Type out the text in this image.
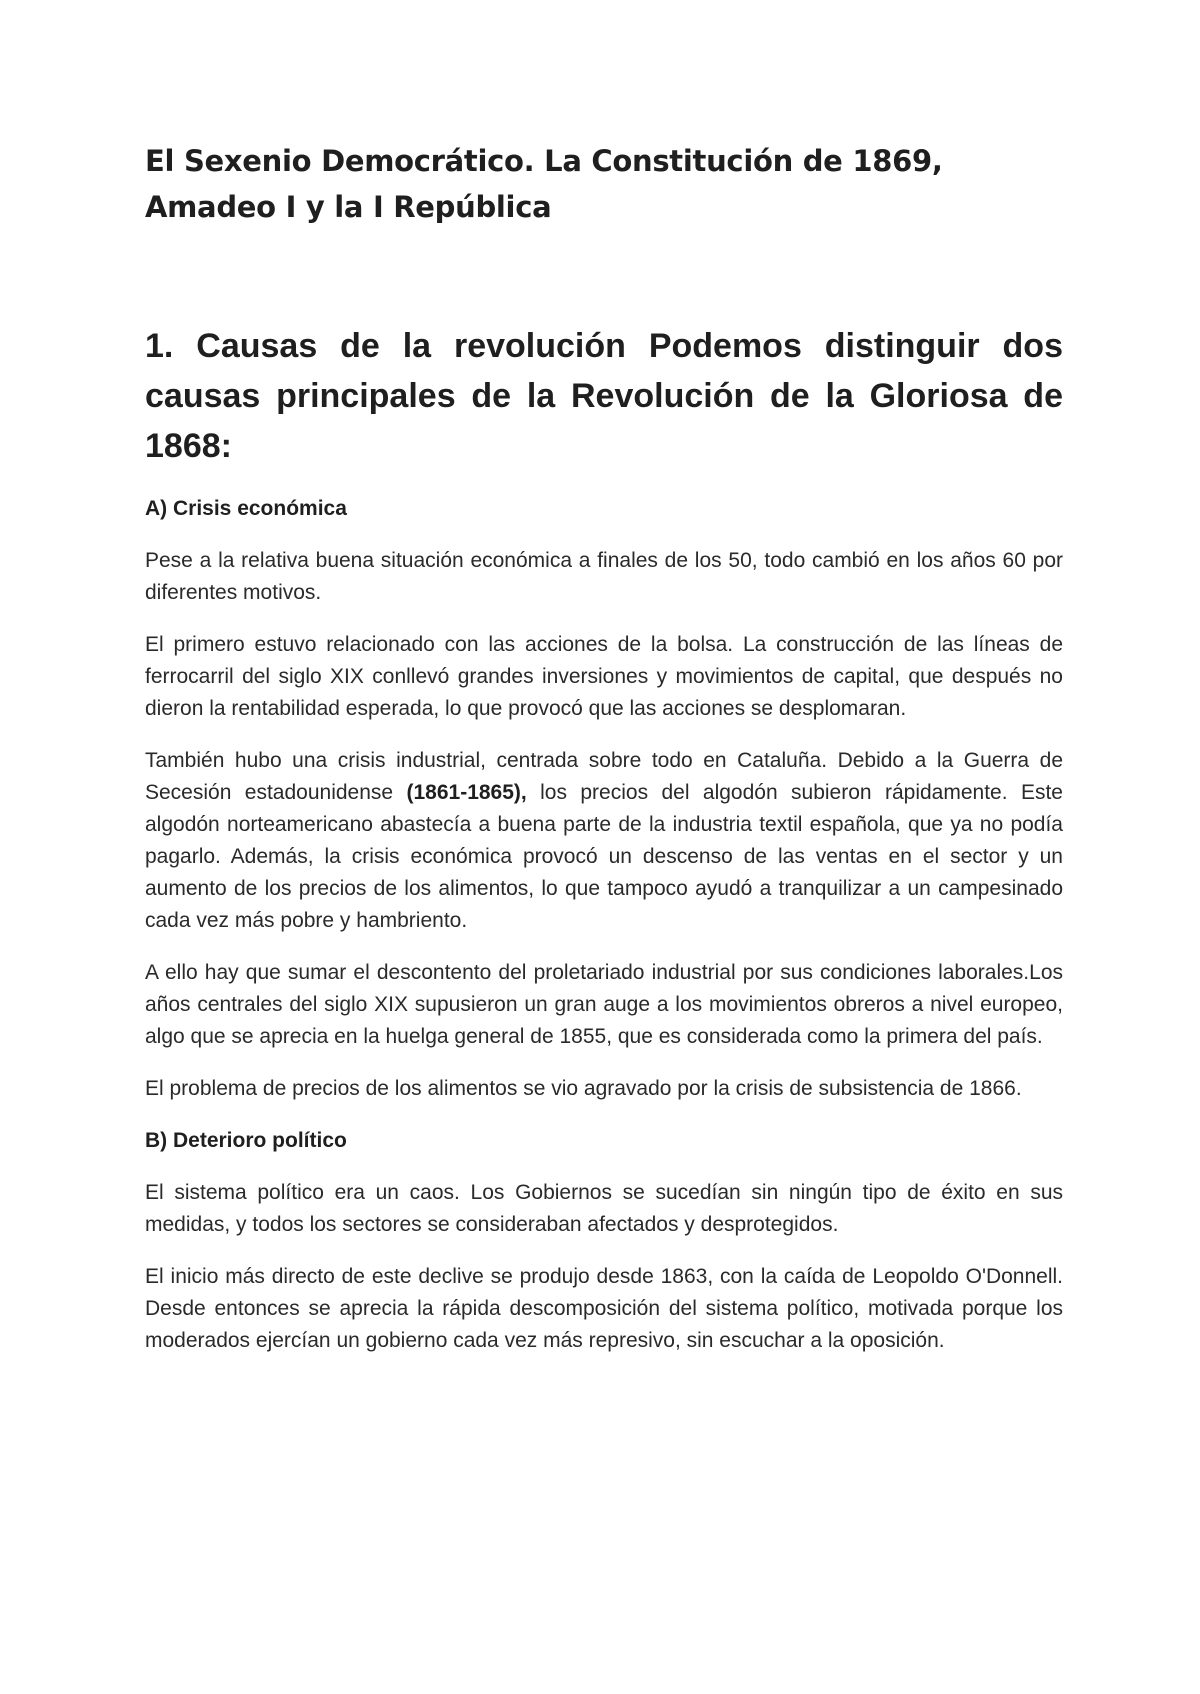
El Sexenio Democrático. La Constitución de 1869, Amadeo I y la I República
1. Causas de la revolución Podemos distinguir dos causas principales de la Revolución de la Gloriosa de 1868:
A) Crisis económica

Pese a la relativa buena situación económica a finales de los 50, todo cambió en los años 60 por diferentes motivos.

El primero estuvo relacionado con las acciones de la bolsa. La construcción de las líneas de ferrocarril del siglo XIX conllevó grandes inversiones y movimientos de capital, que después no dieron la rentabilidad esperada, lo que provocó que las acciones se desplomaran.

También hubo una crisis industrial, centrada sobre todo en Cataluña. Debido a la Guerra de Secesión estadounidense (1861-1865), los precios del algodón subieron rápidamente. Este algodón norteamericano abastecía a buena parte de la industria textil española, que ya no podía pagarlo. Además, la crisis económica provocó un descenso de las ventas en el sector y un aumento de los precios de los alimentos, lo que tampoco ayudó a tranquilizar a un campesinado cada vez más pobre y hambriento.

A ello hay que sumar el descontento del proletariado industrial por sus condiciones laborales.Los años centrales del siglo XIX supusieron un gran auge a los movimientos obreros a nivel europeo, algo que se aprecia en la huelga general de 1855, que es considerada como la primera del país.

El problema de precios de los alimentos se vio agravado por la crisis de subsistencia de 1866.

B) Deterioro político

El sistema político era un caos. Los Gobiernos se sucedían sin ningún tipo de éxito en sus medidas, y todos los sectores se consideraban afectados y desprotegidos.

El inicio más directo de este declive se produjo desde 1863, con la caída de Leopoldo O'Donnell. Desde entonces se aprecia la rápida descomposición del sistema político, motivada porque los moderados ejercían un gobierno cada vez más represivo, sin escuchar a la oposición.
